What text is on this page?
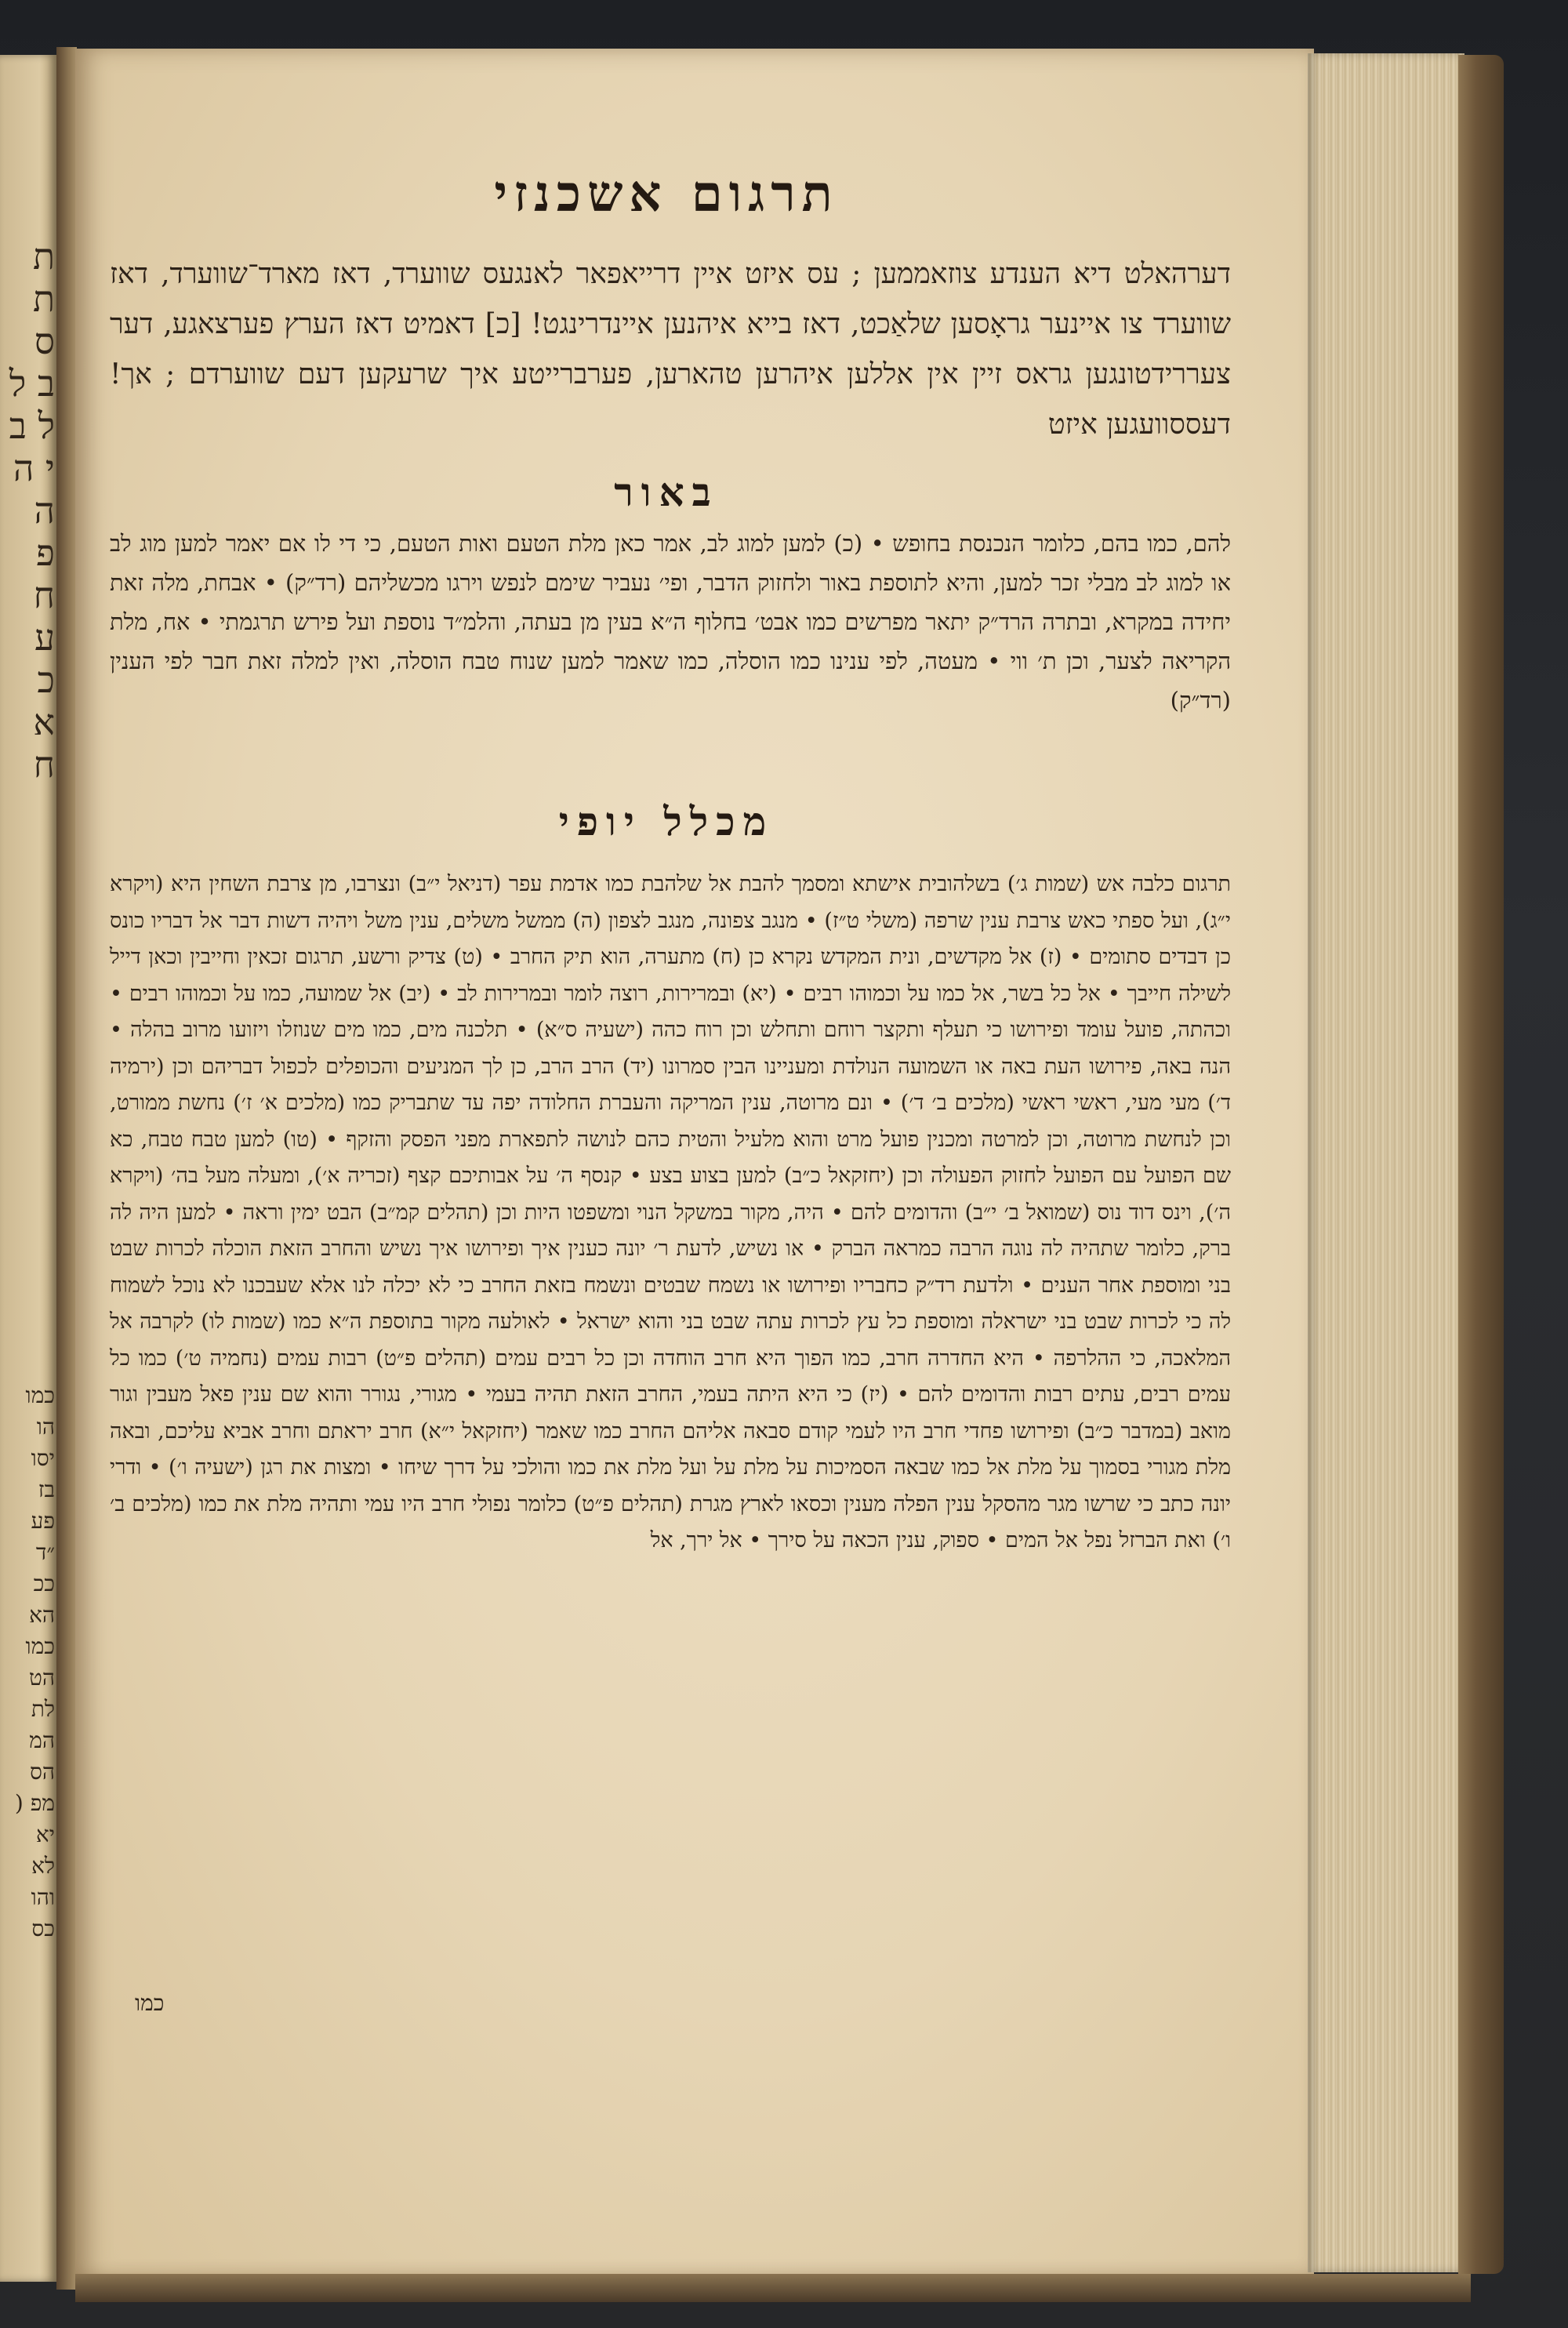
ת ת ס ב ל ל ב י ה ה פ ח ע כ א ח
כמו הו יסו בז פע ״ד ככ הא כמו הט לת המ הס מפ ( יא לא והו כס
תרגום אשכנזי
דערהאלט דיא הענדע צוזאממען ; עס איזט איין דרייאפאר לאנגעס שווערד, דאז מארד־שווערד, דאז שווערד צו איינער גראָסען שלאַכט, דאז בייא איהנען איינדרינגט! [כ] דאמיט דאז הערץ פערצאגע, דער צעררידטונגען גראס זיין אין אללען איהרען טהארען, פערברייטע איך שרעקען דעם שווערדם ; אך! דעססוועגען איזט
באור
להם, כמו בהם, כלומר הנכנסת בחופש • (כ) למען למוג לב, אמר כאן מלת הטעם ואות הטעם, כי די לו אם יאמר למען מוג לב או למוג לב מבלי זכר למען, והיא לתוספת באור ולחזוק הדבר, ופי׳ נעביר שימם לנפש וירגו מכשליהם (רד״ק) • אבחת, מלה זאת יחידה במקרא, ובתרה הרד״ק יתאר מפרשים כמו אבט׳ בחלוף ה״א בעין מן בעתה, והלמ״ד נוספת ועל פירש תרגמתי • אח, מלת הקריאה לצער, וכן ת׳ ווי • מעטה, לפי ענינו כמו הוסלה, כמו שאמר למען שנוח טבח הוסלה, ואין למלה זאת חבר לפי הענין (רד״ק)
מכלל יופי
תרגום כלבה אש (שמות ג׳) בשלהובית אישתא ומסמך להבת אל שלהבת כמו אדמת עפר (דניאל י״ב) ונצרבו, מן צרבת השחין היא (ויקרא י״ג), ועל ספתי כאש צרבת ענין שרפה (משלי ט״ז) • מנגב צפונה, מנגב לצפון (ה) ממשל משלים, ענין משל ויהיה דשות דבר אל דבריו כונס כן דבדים סתומים • (ז) אל מקדשים, ונית המקדש נקרא כן (ח) מתערה, הוא תיק החרב • (ט) צדיק ורשע, תרגום זכאין וחייבין וכאן דייל לשילה חייבך • אל כל בשר, אל כמו על וכמוהו רבים • (יא) ובמרירות, רוצה לומר ובמרירות לב • (יב) אל שמועה, כמו על וכמוהו רבים • וכהתה, פועל עומד ופירושו כי תעלף ותקצר רוחם ותחלש וכן רוח כהה (ישעיה ס״א) • תלכנה מים, כמו מים שנוזלו ויזועו מרוב בהלה • הנה באה, פירושו העת באה או השמועה הנולדת ומעניינו הבין סמרונו (יד) הרב הרב, כן לך המניעים והכופלים לכפול דבריהם וכן (ירמיה ד׳) מעי מעי, ראשי ראשי (מלכים ב׳ ד׳) • ונם מרוטה, ענין המריקה והעברת החלודה יפה עד שתבריק כמו (מלכים א׳ ז׳) נחשת ממורט, וכן לנחשת מרוטה, וכן למרטה ומכנין פועל מרט והוא מלעיל והטית כהם לנושה לתפארת מפני הפסק והזקף • (טו) למען טבח טבח, כא שם הפועל עם הפועל לחזוק הפעולה וכן (יחזקאל כ״ב) למען בצוע בצע • קנסף ה׳ על אבותיכם קצף (זכריה א׳), ומעלה מעל בה׳ (ויקרא ה׳), וינס דוד נוס (שמואל ב׳ י״ב) והדומים להם • היה, מקור במשקל הנוי ומשפטו היות וכן (תהלים קמ״ב) הבט ימין וראה • למען היה לה ברק, כלומר שתהיה לה נוגה הרבה כמראה הברק • או נשיש, לדעת ר׳ יונה כענין איך ופירושו איך נשיש והחרב הזאת הוכלה לכרות שבט בני ומוספת אחר הענים • ולדעת רד״ק כחבריו ופירושו או נשמח שבטים ונשמח בזאת החרב כי לא יכלה לנו אלא שעבכנו לא נוכל לשמוח לה כי לכרות שבט בני ישראלה ומוספת כל עץ לכרות עתה שבט בני והוא ישראל • לאולעה מקור בתוספת ה״א כמו (שמות לו) לקרבה אל המלאכה, כי ההלרפה • היא החדרה חרב, כמו הפוך היא חרב הוחדה וכן כל רבים עמים (תהלים פ״ט) רבות עמים (נחמיה ט׳) כמו כל עמים רבים, עתים רבות והדומים להם • (יז) כי היא היתה בעמי, החרב הזאת תהיה בעמי • מגורי, נגורר והוא שם ענין פאל מעבין וגור מואב (במדבר כ״ב) ופירושו פחדי חרב היו לעמי קודם סבאה אליהם החרב כמו שאמר (יחזקאל י״א) חרב יראתם וחרב אביא עליכם, ובאה מלת מגורי בסמוך על מלת אל כמו שבאה הסמיכות על מלת על ועל מלת את כמו והולכי על דרך שיחו • ומצות את רגן (ישעיה ו׳) • ודרי יונה כתב כי שרשו מגר מהסקל ענין הפלה מענין וכסאו לארץ מגרת (תהלים פ״ט) כלומר נפולי חרב היו עמי ותהיה מלת את כמו (מלכים ב׳ ו׳) ואת הברזל נפל אל המים • ספוק, ענין הכאה על סירך • אל ירך, אל
כמו
